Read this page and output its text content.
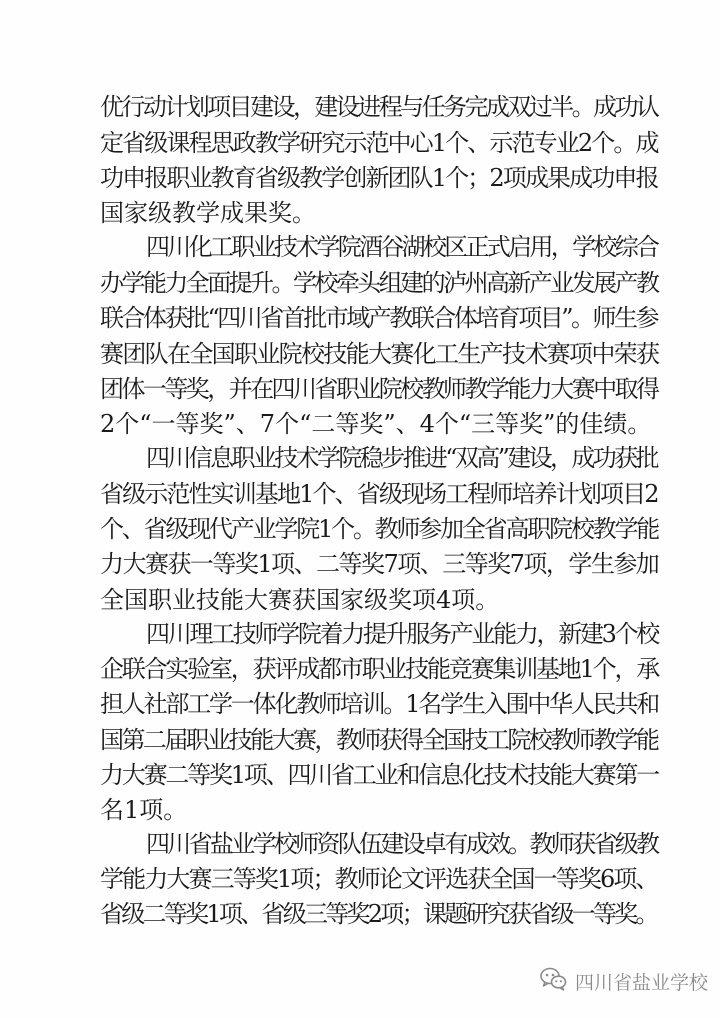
优行动计划项目建设，建设进程与任务完成双过半。成功认
定省级课程思政教学研究示范中心1个、示范专业2个。成
功申报职业教育省级教学创新团队1个；2项成果成功申报
国家级教学成果奖。
四川化工职业技术学院酒谷湖校区正式启用，学校综合
办学能力全面提升。学校牵头组建的泸州高新产业发展产教
联合体获批“四川省首批市域产教联合体培育项目”。师生参
赛团队在全国职业院校技能大赛化工生产技术赛项中荣获
团体一等奖，并在四川省职业院校教师教学能力大赛中取得
2个“一等奖”、7个“二等奖”、4个“三等奖”的佳绩。
四川信息职业技术学院稳步推进“双高”建设，成功获批
省级示范性实训基地1个、省级现场工程师培养计划项目2
个、省级现代产业学院1个。教师参加全省高职院校教学能
力大赛获一等奖1项、二等奖7项、三等奖7项，学生参加
全国职业技能大赛获国家级奖项4项。
四川理工技师学院着力提升服务产业能力，新建3个校
企联合实验室，获评成都市职业技能竞赛集训基地1个，承
担人社部工学一体化教师培训。1名学生入围中华人民共和
国第二届职业技能大赛，教师获得全国技工院校教师教学能
力大赛二等奖1项、四川省工业和信息化技术技能大赛第一
名1项。
四川省盐业学校师资队伍建设卓有成效。教师获省级教
学能力大赛三等奖1项；教师论文评选获全国一等奖6项、
省级二等奖1项、省级三等奖2项；课题研究获省级一等奖。
四川省盐业学校
